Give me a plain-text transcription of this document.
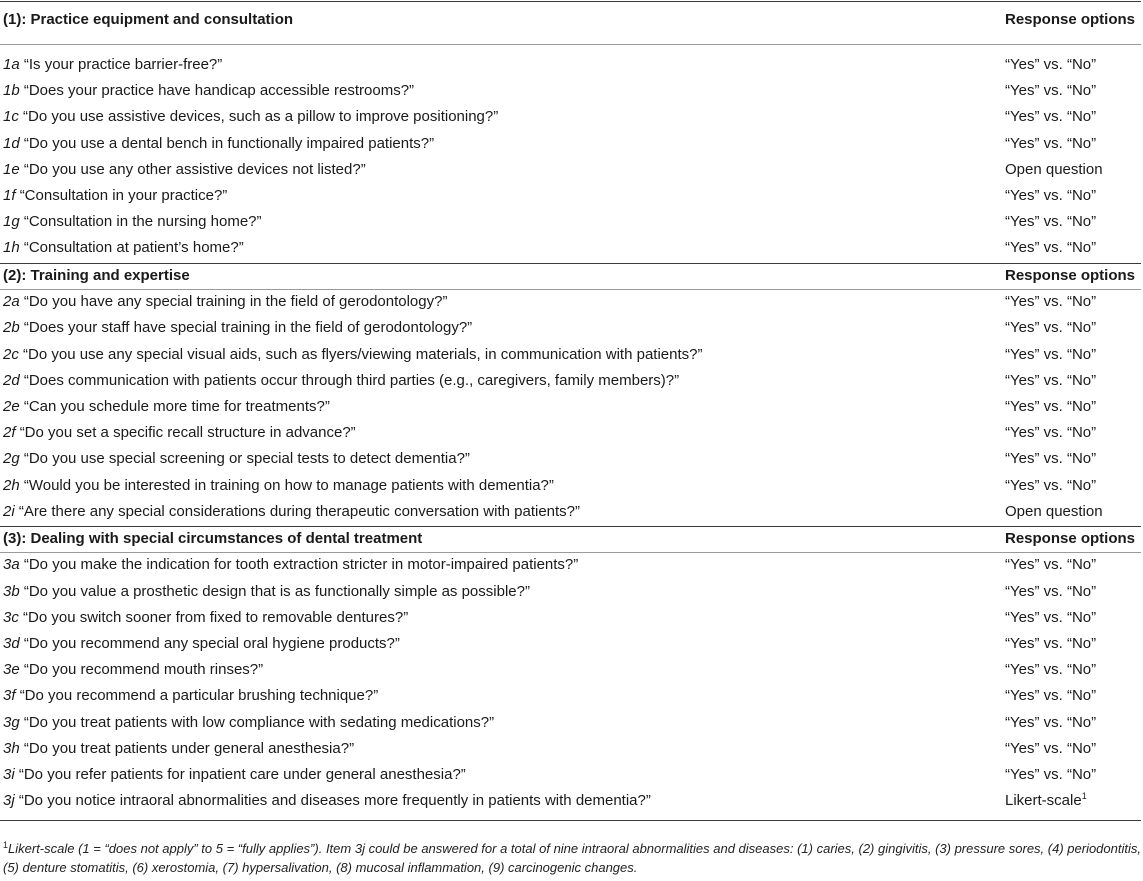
(1): Practice equipment and consultation	Response options
1a “Is your practice barrier-free?”	“Yes” vs. “No”
1b “Does your practice have handicap accessible restrooms?”	“Yes” vs. “No”
1c “Do you use assistive devices, such as a pillow to improve positioning?”	“Yes” vs. “No”
1d “Do you use a dental bench in functionally impaired patients?”	“Yes” vs. “No”
1e “Do you use any other assistive devices not listed?”	Open question
1f “Consultation in your practice?”	“Yes” vs. “No”
1g “Consultation in the nursing home?”	“Yes” vs. “No”
1h “Consultation at patient’s home?”	“Yes” vs. “No”
(2): Training and expertise	Response options
2a “Do you have any special training in the field of gerodontology?”	“Yes” vs. “No”
2b “Does your staff have special training in the field of gerodontology?”	“Yes” vs. “No”
2c “Do you use any special visual aids, such as flyers/viewing materials, in communication with patients?”	“Yes” vs. “No”
2d “Does communication with patients occur through third parties (e.g., caregivers, family members)?”	“Yes” vs. “No”
2e “Can you schedule more time for treatments?”	“Yes” vs. “No”
2f “Do you set a specific recall structure in advance?”	“Yes” vs. “No”
2g “Do you use special screening or special tests to detect dementia?”	“Yes” vs. “No”
2h “Would you be interested in training on how to manage patients with dementia?”	“Yes” vs. “No”
2i “Are there any special considerations during therapeutic conversation with patients?”	Open question
(3): Dealing with special circumstances of dental treatment	Response options
3a “Do you make the indication for tooth extraction stricter in motor-impaired patients?”	“Yes” vs. “No”
3b “Do you value a prosthetic design that is as functionally simple as possible?”	“Yes” vs. “No”
3c “Do you switch sooner from fixed to removable dentures?”	“Yes” vs. “No”
3d “Do you recommend any special oral hygiene products?”	“Yes” vs. “No”
3e “Do you recommend mouth rinses?”	“Yes” vs. “No”
3f “Do you recommend a particular brushing technique?”	“Yes” vs. “No”
3g “Do you treat patients with low compliance with sedating medications?”	“Yes” vs. “No”
3h “Do you treat patients under general anesthesia?”	“Yes” vs. “No”
3i “Do you refer patients for inpatient care under general anesthesia?”	“Yes” vs. “No”
3j “Do you notice intraoral abnormalities and diseases more frequently in patients with dementia?”	Likert-scale$^1$
$^1$Likert-scale (1 = “does not apply” to 5 = “fully applies”). Item 3j could be answered for a total of nine intraoral abnormalities and diseases: (1) caries, (2) gingivitis, (3) pressure sores, (4) periodontitis, (5) denture stomatitis, (6) xerostomia, (7) hypersalivation, (8) mucosal inflammation, (9) carcinogenic changes.
